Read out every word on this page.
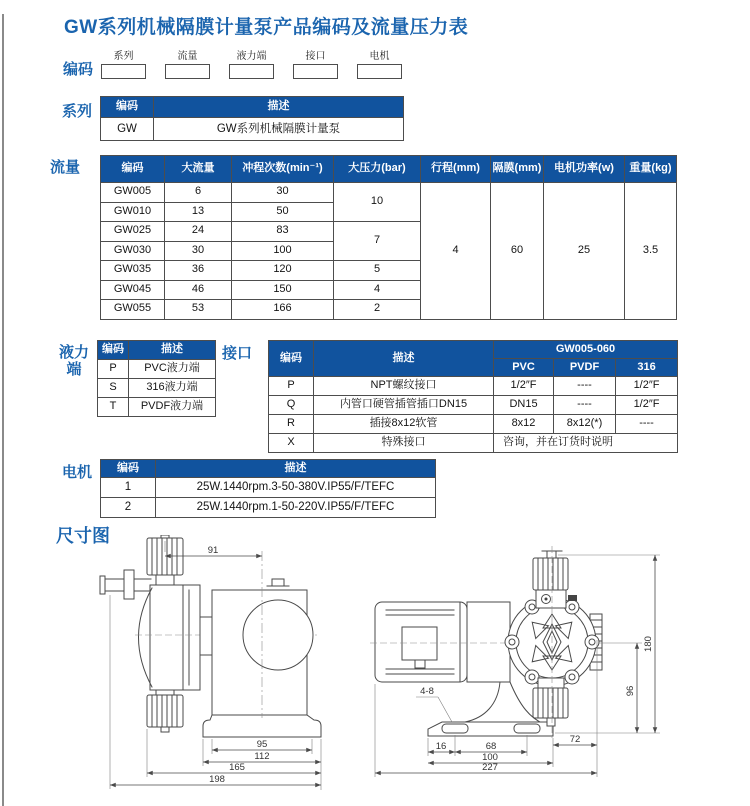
GW系列机械隔膜计量泵产品编码及流量压力表
编码
系列	流量	液力端	接口	电机
系列 编码	描述
GW	GW系列机械隔膜计量泵
流量	编码	大流量	冲程次数(min⁻¹)	大压力(bar)	行程(mm)	隔膜(mm)	电机功率(w)	重量(kg)
GW005	6	30	10	4	60	25	3.5
GW010	13	50					
GW025	24	83	7				
GW030	30	100					
GW035	36	120	5				
GW045	46	150	4				
GW055	53	166	2				
液力
端
编码	描述
P	PVC液力端
S	316液力端
T	PVDF液力端
接口	编码	描述	GW005-060		
		PVC	PVDF	316
P	NPT螺纹接口	1/2″F	----	1/2″F
Q	内管口硬管插管插口DN15	DN15	----	1/2″F
R	插接8x12软管	8x12	8x12(*)	----
X	特殊接口	咨询，并在订货时说明		
电机 编码	描述
1	25W.1440rpm.3-50-380V.IP55/F/TEFC
2	25W.1440rpm.1-50-220V.IP55/F/TEFC
尺寸图
91
95
112
165
198
4-8
16	68
72
100
227
96
180
